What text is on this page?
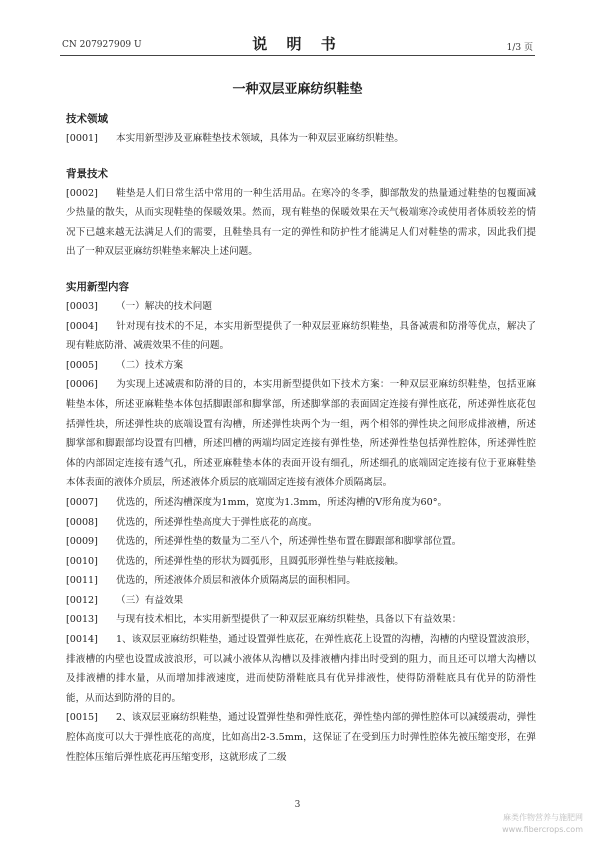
CN 207927909 U	说 明 书	1/3 页
一种双层亚麻纺织鞋垫
技术领域
[0001] 本实用新型涉及亚麻鞋垫技术领域，具体为一种双层亚麻纺织鞋垫。
背景技术
[0002] 鞋垫是人们日常生活中常用的一种生活用品。在寒冷的冬季，脚部散发的热量通过鞋垫的包覆面减少热量的散失，从而实现鞋垫的保暖效果。然而，现有鞋垫的保暖效果在天气极端寒冷或使用者体质较差的情况下已越来越无法满足人们的需要，且鞋垫具有一定的弹性和防护性才能满足人们对鞋垫的需求，因此我们提出了一种双层亚麻纺织鞋垫来解决上述问题。
实用新型内容
[0003] （一）解决的技术问题
[0004] 针对现有技术的不足，本实用新型提供了一种双层亚麻纺织鞋垫，具备减震和防滑等优点，解决了现有鞋底防滑、减震效果不佳的问题。
[0005] （二）技术方案
[0006] 为实现上述减震和防滑的目的，本实用新型提供如下技术方案：一种双层亚麻纺织鞋垫，包括亚麻鞋垫本体，所述亚麻鞋垫本体包括脚跟部和脚掌部，所述脚掌部的表面固定连接有弹性底花，所述弹性底花包括弹性块，所述弹性块的底端设置有沟槽，所述弹性块两个为一组，两个相邻的弹性块之间形成排液槽，所述脚掌部和脚跟部均设置有凹槽，所述凹槽的两端均固定连接有弹性垫，所述弹性垫包括弹性腔体，所述弹性腔体的内部固定连接有透气孔，所述亚麻鞋垫本体的表面开设有细孔，所述细孔的底端固定连接有位于亚麻鞋垫本体表面的液体介质层，所述液体介质层的底端固定连接有液体介质隔离层。
[0007] 优选的，所述沟槽深度为1mm，宽度为1.3mm，所述沟槽的V形角度为60°。
[0008] 优选的，所述弹性垫高度大于弹性底花的高度。
[0009] 优选的，所述弹性垫的数量为二至八个，所述弹性垫布置在脚跟部和脚掌部位置。
[0010] 优选的，所述弹性垫的形状为圆弧形，且圆弧形弹性垫与鞋底接触。
[0011] 优选的，所述液体介质层和液体介质隔离层的面积相同。
[0012] （三）有益效果
[0013] 与现有技术相比，本实用新型提供了一种双层亚麻纺织鞋垫，具备以下有益效果：
[0014] 1、该双层亚麻纺织鞋垫，通过设置弹性底花，在弹性底花上设置的沟槽，沟槽的内壁设置波浪形，排液槽的内壁也设置成波浪形，可以减小液体从沟槽以及排液槽内排出时受到的阻力，而且还可以增大沟槽以及排液槽的排水量，从而增加排液速度，进而使防滑鞋底具有优异排液性，使得防滑鞋底具有优异的防滑性能，从而达到防滑的目的。
[0015] 2、该双层亚麻纺织鞋垫，通过设置弹性垫和弹性底花，弹性垫内部的弹性腔体可以减缓震动，弹性腔体高度可以大于弹性底花的高度，比如高出2-3.5mm，这保证了在受到压力时弹性腔体先被压缩变形，在弹性腔体压缩后弹性底花再压缩变形，这就形成了二级
3
麻类作物营养与施肥网
www.fibercrops.com
